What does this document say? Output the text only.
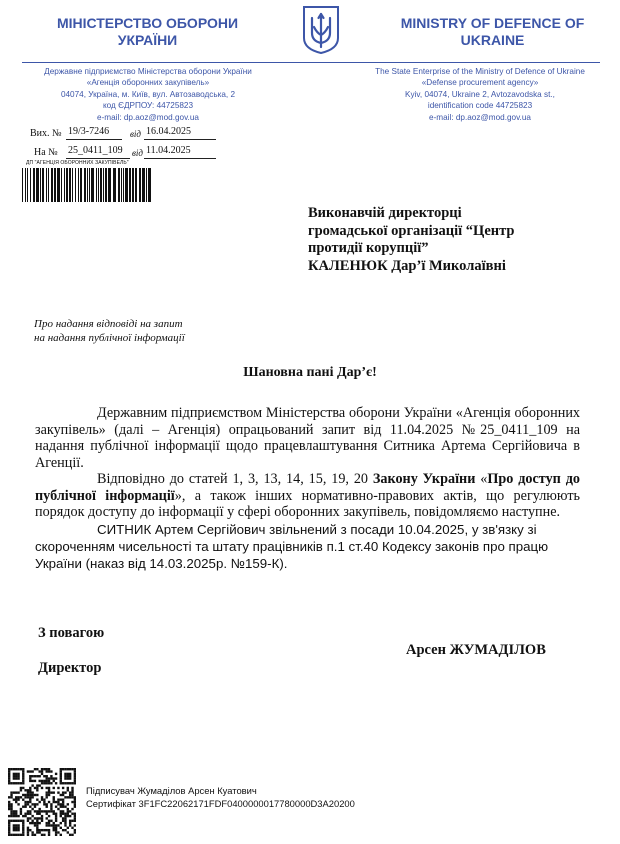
МІНІСТЕРСТВО ОБОРОНИ
УКРАЇНИ
MINISTRY OF DEFENCE OF
UKRAINE
Державне підприємство Міністерства оборони України
«Агенція оборонних закупівель»
04074, Україна, м. Київ, вул. Автозаводська, 2
код ЄДРПОУ: 44725823
e-mail: dp.aoz@mod.gov.ua
The State Enterprise of the Ministry of Defence of Ukraine
«Defense procurement agency»
Kyiv, 04074, Ukraine 2, Avtozavodska st.,
identification code 44725823
e-mail: dp.aoz@mod.gov.ua
Вих. № 19/3-7246 від 16.04.2025
На № 25_0411_109 від 11.04.2025
ДП "АГЕНЦІЯ ОБОРОННИХ ЗАКУПІВЕЛЬ"
Виконавчій директорці
громадської організації “Центр
протидії корупції”
КАЛЕНЮК Дар’ї Миколаївні
Про надання відповіді на запит
на надання публічної інформації
Шановна пані Дар’є!

Державним підприємством Міністерства оборони України «Агенція оборонних закупівель» (далі – Агенція) опрацьований запит від 11.04.2025 №25_0411_109 на надання публічної інформації щодо працевлаштування Ситника Артема Сергійовича в Агенції.

Відповідно до статей 1, 3, 13, 14, 15, 19, 20 Закону України «Про доступ до публічної інформації», а також інших нормативно-правових актів, що регулюють порядок доступу до інформації у сфері оборонних закупівель, повідомляємо наступне.

СИТНИК Артем Сергійович звільнений з посади 10.04.2025, у зв'язку зі скороченням чисельності та штату працівників п.1 ст.40 Кодексу законів про працю України (наказ від 14.03.2025р. №159-К).

З повагою
Арсен ЖУМАДІЛОВ
Директор
Підписувач Жумаділов Арсен Куатович
Сертифікат 3F1FC22062171FDF0400000017780000D3A20200
